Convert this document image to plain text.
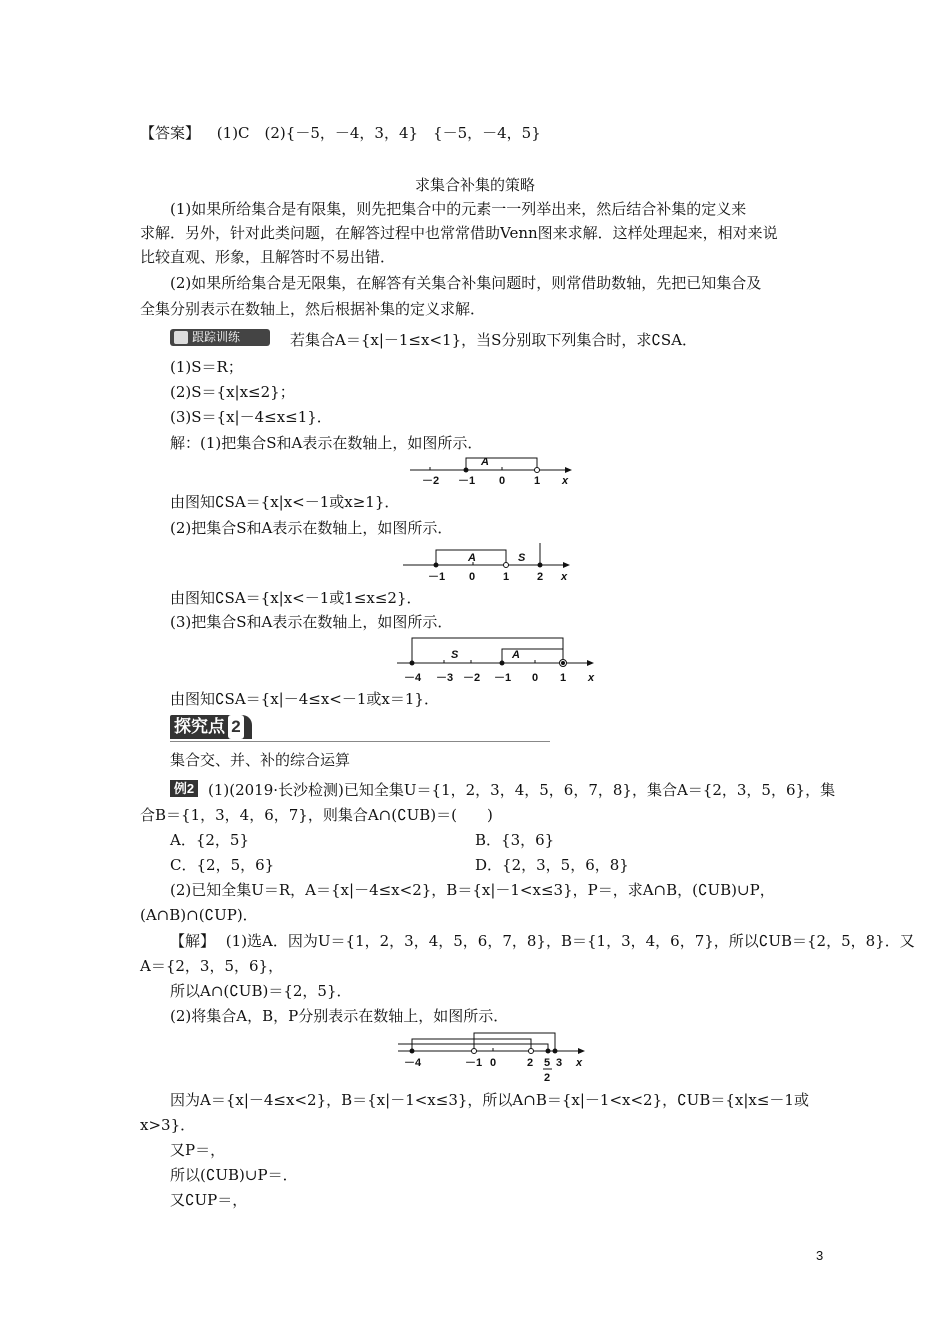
【答案】 (1)C　(2){－5，－4，3，4}　{－5，－4，5}
求集合补集的策略
(1)如果所给集合是有限集，则先把集合中的元素一一列举出来，然后结合补集的定义来
求解．另外，针对此类问题，在解答过程中也常常借助Venn图来求解．这样处理起来，相对来说
比较直观、形象，且解答时不易出错．
(2)如果所给集合是无限集，在解答有关集合补集问题时，则常借助数轴，先把已知集合及
全集分别表示在数轴上，然后根据补集的定义求解．
跟踪训练	若集合A＝{x|－1≤x<1}，当S分别取下列集合时，求∁SA．
(1)S＝R；
(2)S＝{x|x≤2}；
(3)S＝{x|－4≤x≤1}．
解：(1)把集合S和A表示在数轴上，如图所示．
A
－2 －1 0	1 x
由图知∁SA＝{x|x<－1或x≥1}．
(2)把集合S和A表示在数轴上，如图所示．
A	S
－1 0	1	2 x
由图知∁SA＝{x|x<－1或1≤x≤2}．
(3)把集合S和A表示在数轴上，如图所示．
S	A
－4 －3 －2 －1 0 1 x
由图知∁SA＝{x|－4≤x<－1或x＝1}．
探究点 2
集合交、并、补的综合运算
例2 (1)(2019·长沙检测)已知全集U＝{1，2，3，4，5，6，7，8}，集合A＝{2，3，5，6}，集
合B＝{1，3，4，6，7}，则集合A∩(∁UB)＝(　　)
A．{2，5}	B．{3，6}
C．{2，5，6}	D．{2，3，5，6，8}
(2)已知全集U＝R，A＝{x|－4≤x<2}，B＝{x|－1<x≤3}，P＝，求A∩B，(∁UB)∪P，
(A∩B)∩(∁UP)．
【解】 (1)选A．因为U＝{1，2，3，4，5，6，7，8}，B＝{1，3，4，6，7}，所以∁UB＝{2，5，8}．又
A＝{2，3，5，6}，
所以A∩(∁UB)＝{2，5}．
(2)将集合A，B，P分别表示在数轴上，如图所示．
－4	－1 0	2 5
2
3 x
因为A＝{x|－4≤x<2}，B＝{x|－1<x≤3}，所以A∩B＝{x|－1<x<2}，∁UB＝{x|x≤－1或
x>3}．
又P＝，
所以(∁UB)∪P＝．
又∁UP＝，
3
